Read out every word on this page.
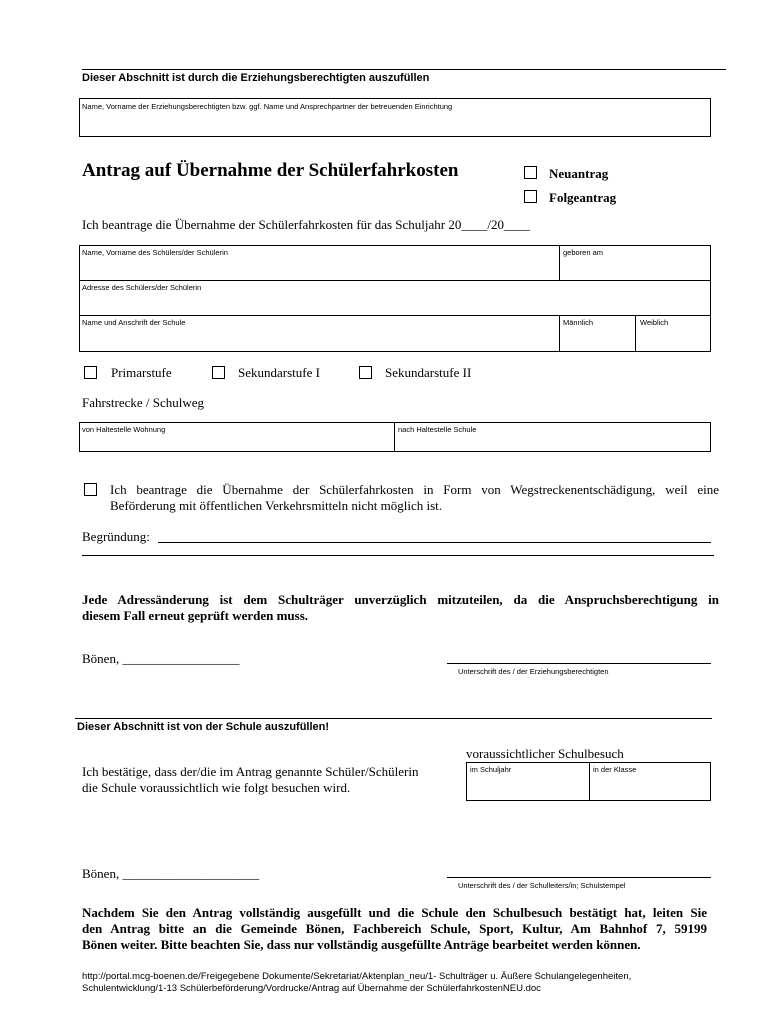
Dieser Abschnitt ist durch die Erziehungsberechtigten auszufüllen
Name, Vorname der Erziehungsberechtigten bzw. ggf. Name und Ansprechpartner der betreuenden Einrichtung
Antrag auf Übernahme der Schülerfahrkosten	Neuantrag
Folgeantrag
Ich beantrage die Übernahme der Schülerfahrkosten für das Schuljahr 20____/20____
Name, Vorname des Schülers/der Schülerin	geboren am
Adresse des Schülers/der Schülerin
Name und Anschrift der Schule	Männlich	Weiblich
Primarstufe	Sekundarstufe I	Sekundarstufe II
Fahrstrecke / Schulweg
von Haltestelle Wohnung	nach Haltestelle Schule
Ich beantrage die Übernahme der Schülerfahrkosten in Form von Wegstreckenentschädigung, weil eine
Beförderung mit öffentlichen Verkehrsmitteln nicht möglich ist.
Begründung:
Jede Adressänderung ist dem Schulträger unverzüglich mitzuteilen, da die Anspruchsberechtigung in
diesem Fall erneut geprüft werden muss.
Bönen, __________________
Unterschrift des / der Erziehungsberechtigten
Dieser Abschnitt ist von der Schule auszufüllen!
voraussichtlicher Schulbesuch
Ich bestätige, dass der/die im Antrag genannte Schüler/Schülerin
die Schule voraussichtlich wie folgt besuchen wird.
im Schuljahr	in der Klasse
Bönen, _____________________
Unterschrift des / der Schulleiters/in; Schulstempel
Nachdem Sie den Antrag vollständig ausgefüllt und die Schule den Schulbesuch bestätigt hat, leiten Sie
den Antrag bitte an die Gemeinde Bönen, Fachbereich Schule, Sport, Kultur, Am Bahnhof 7, 59199
Bönen weiter. Bitte beachten Sie, dass nur vollständig ausgefüllte Anträge bearbeitet werden können.
http://portal.mcg-boenen.de/Freigegebene Dokumente/Sekretariat/Aktenplan_neu/1- Schulträger u. Äußere Schulangelegenheiten,
Schulentwicklung/1-13 Schülerbeförderung/Vordrucke/Antrag auf Übernahme der SchülerfahrkostenNEU.doc
